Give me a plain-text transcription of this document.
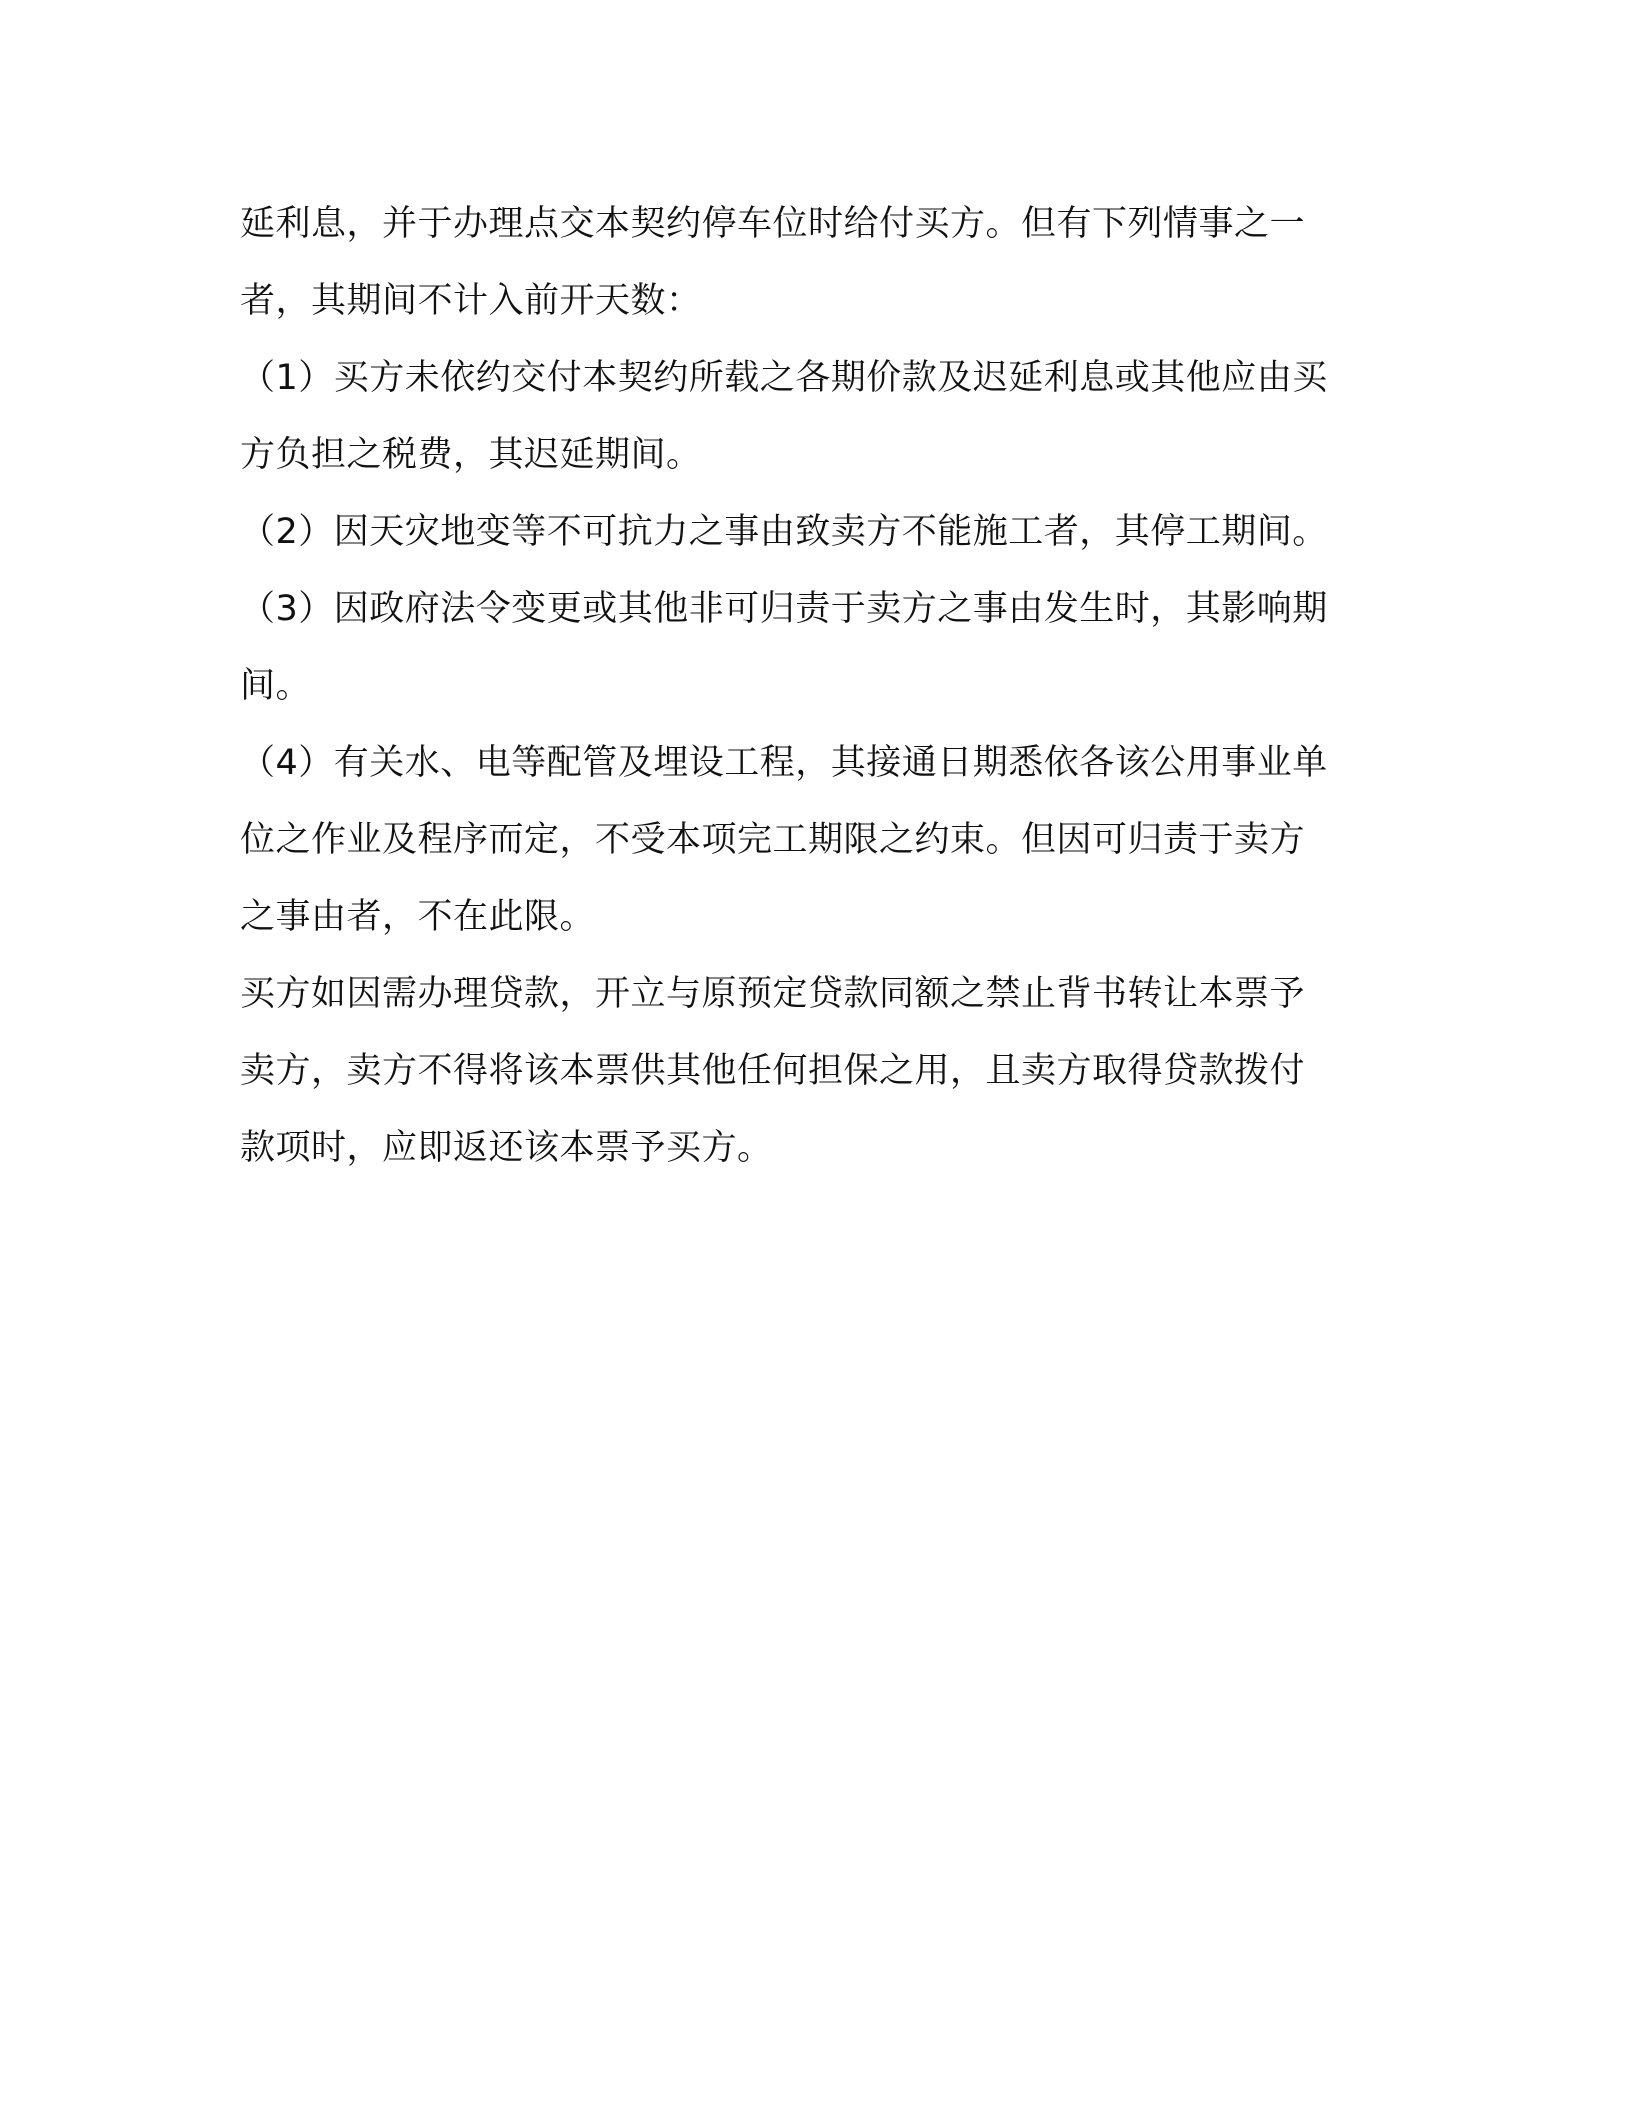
延利息，并于办理点交本契约停车位时给付买方。但有下列情事之一
者，其期间不计入前开天数：
（1）买方未依约交付本契约所载之各期价款及迟延利息或其他应由买
方负担之税费，其迟延期间。
（2）因天灾地变等不可抗力之事由致卖方不能施工者，其停工期间。
（3）因政府法令变更或其他非可归责于卖方之事由发生时，其影响期
间。
（4）有关水、电等配管及埋设工程，其接通日期悉依各该公用事业单
位之作业及程序而定，不受本项完工期限之约束。但因可归责于卖方
之事由者，不在此限。
买方如因需办理贷款，开立与原预定贷款同额之禁止背书转让本票予
卖方，卖方不得将该本票供其他任何担保之用，且卖方取得贷款拨付
款项时，应即返还该本票予买方。
